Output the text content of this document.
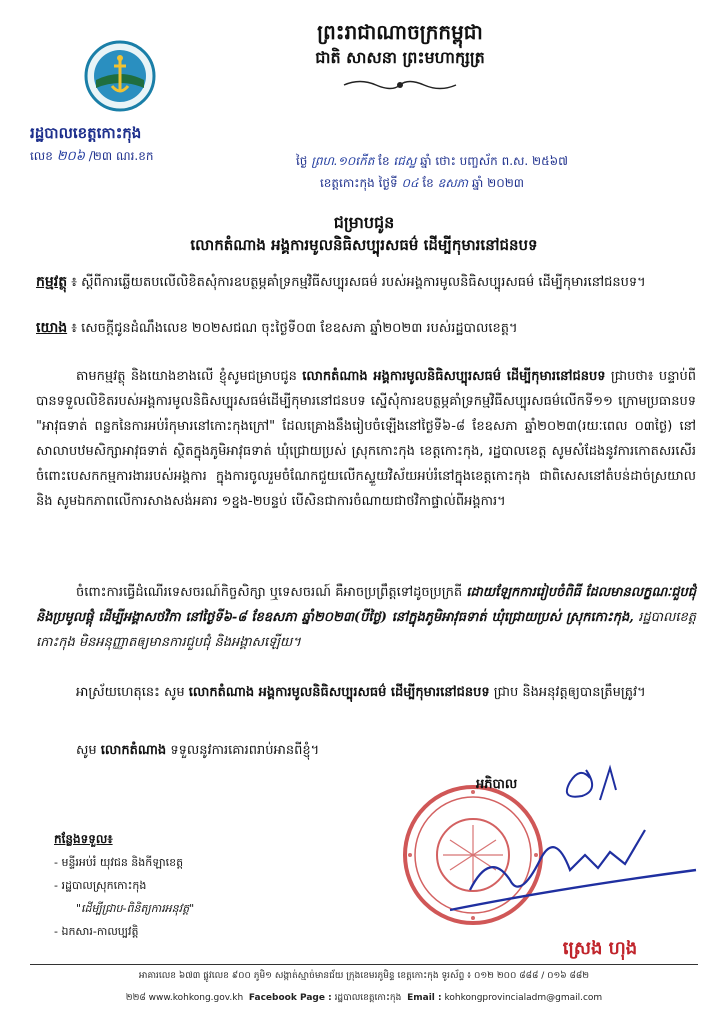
ព្រះរាជាណាចក្រកម្ពុជា
ជាតិ សាសនា ព្រះមហាក្សត្រ
រដ្ឋបាលខេត្តកោះកុង
លេខ ២០៦ /២៣ ណរ.ខក	ថ្ងៃ ព្រហ.១០កើត ខែ ជេស្ឋ ឆ្នាំ ថោះ បញ្ចស័ក ព.ស. ២៥៦៧
ខេត្តកោះកុង ថ្ងៃទី ០៤ ខែ ឧសភា ឆ្នាំ ២០២៣
ជម្រាបជូន
លោកតំណាង អង្គការមូលនិធិសប្បុរសធម៌ ដើម្បីកុមារនៅជនបទ
កម្មវត្ថុ ៖ ស្តីពីការឆ្លើយតបលើលិខិតសុំការឧបត្ថម្ភគាំទ្រកម្មវិធីសប្បុរសធម៌ របស់អង្គការមូលនិធិសប្បុរសធម៌ ដើម្បីកុមារនៅជនបទ។
យោង ៖ សេចក្តីជូនដំណឹងលេខ ២០២សជណ ចុះថ្ងៃទី០៣ ខែឧសភា ឆ្នាំ២០២៣ របស់រដ្ឋបាលខេត្ត។
តាមកម្មវត្ថុ និងយោងខាងលើ ខ្ញុំសូមជម្រាបជូន លោកតំណាង អង្គការមូលនិធិសប្បុរសធម៌ ដើម្បីកុមារនៅជនបទ ជ្រាបថា៖ បន្ទាប់ពីបានទទួលលិខិតរបស់អង្គការមូលនិធិសប្បុរសធម៌ដើម្បីកុមារនៅជនបទ ស្នើសុំការឧបត្ថម្ភគាំទ្រកម្មវិធីសប្បុរសធម៌លើកទី១១ ក្រោមប្រធានបទ "អាវុធទាត់ ពន្លកនៃការអប់រំកុមារនៅកោះកុងក្រៅ" ដែលគ្រោងនឹងរៀបចំឡើងនៅថ្ងៃទី៦-៨ ខែឧសភា ឆ្នាំ២០២៣(រយៈពេល ០៣ថ្ងៃ) នៅសាលាបឋមសិក្សាអាវុធទាត់ ស្ថិតក្នុងភូមិអាវុធទាត់ ឃុំជ្រោយប្រស់ ស្រុកកោះកុង ខេត្តកោះកុង, រដ្ឋបាលខេត្ត សូមសំដែងនូវការកោតសរសើរចំពោះបេសកកម្មការងាររបស់អង្គការ ក្នុងការចូលរួមចំណែកជួយលើកស្ទួយវិស័យអប់រំនៅក្នុងខេត្តកោះកុង ជាពិសេសនៅតំបន់ដាច់ស្រយាល និង សូមឯកភាពលើការសាងសង់អគារ ១ខ្នង-២បន្ទប់ បើសិនជាការចំណាយជាថវិកាផ្ទាល់ពីអង្គការ។
ចំពោះការធ្វើដំណើរទេសចរណ៍កិច្ចសិក្សា ឬទេសចរណ៍ គឺអាចប្រព្រឹត្តទៅដូចប្រក្រតី ដោយឡែកការរៀបចំពិធី ដែលមានលក្ខណៈជួបជុំ និងប្រមូលផ្តុំ ដើម្បីអង្គាសថវិកា នៅថ្ងៃទី៦-៨ ខែឧសភា ឆ្នាំ២០២៣(បីថ្ងៃ) នៅក្នុងភូមិអាវុធទាត់ ឃុំជ្រោយប្រស់ ស្រុកកោះកុង, រដ្ឋបាលខេត្តកោះកុង មិនអនុញ្ញាតឲ្យមានការជួបជុំ និងអង្គាសឡើយ។
អាស្រ័យហេតុនេះ សូម លោកតំណាង អង្គការមូលនិធិសប្បុរសធម៌ ដើម្បីកុមារនៅជនបទ ជ្រាប និងអនុវត្តឲ្យបានត្រឹមត្រូវ។
សូម លោកតំណាង ទទួលនូវការគោរពរាប់អានពីខ្ញុំ។
កន្លែងទទួល៖
- មន្ទីរអប់រំ យុវជន និងកីឡាខេត្ត
- រដ្ឋបាលស្រុកកោះកុង
"ដើម្បីជ្រាប-ពិនិត្យការអនុវត្ត"
- ឯកសារ-កាលប្បវត្តិ
អភិបាល
ស្រេង ហុង
អាគារលេខ ៦៧៣ ផ្លូវលេខ ៩០០ ភូមិ១ សង្កាត់ស្មាច់មានជ័យ ក្រុងខេមរភូមិន្ទ ខេត្តកោះកុង ទូរស័ព្ទ ៖ ០១២ ២០០ ៨៨៨ / ០១៦ ៨៨២
២២៨ www.kohkong.gov.kh Facebook Page : រដ្ឋបាលខេត្តកោះកុង Email : kohkongprovincialadm@gmail.com
